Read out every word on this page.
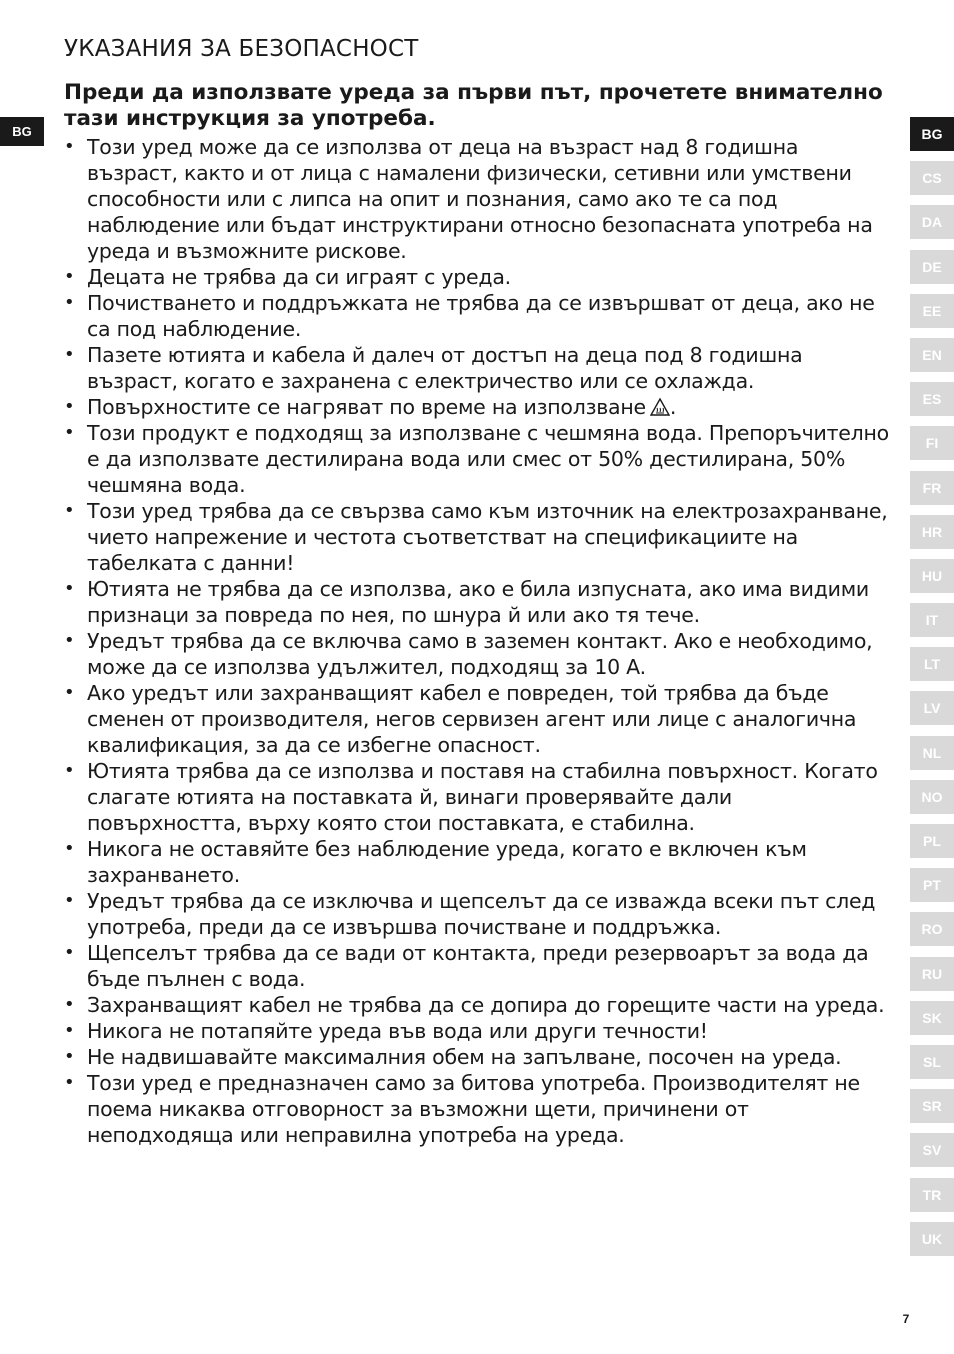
BG
УКАЗАНИЯ ЗА БЕЗОПАСНОСТ

Преди да използвате уреда за първи път, прочетете внимателно тази инструкция за употреба.

• Този уред може да се използва от деца на възраст над 8 годишна възраст, както и от лица с намалени физически, сетивни или умствени способности или с липса на опит и познания, само ако те са под наблюдение или бъдат инструктирани относно безопасната употреба на уреда и възможните рискове.
• Децата не трябва да си играят с уреда.
• Почистването и поддръжката не трябва да се извършват от деца, ако не са под наблюдение.
• Пазете ютията и кабела й далеч от достъп на деца под 8 годишна възраст, когато е захранена с електричество или се охлажда.
• Повърхностите се нагряват по време на използване .
• Този продукт е подходящ за използване с чешмяна вода. Препоръчително е да използвате дестилирана вода или смес от 50% дестилирана, 50% чешмяна вода.
• Този уред трябва да се свързва само към източник на електрозахранване, чието напрежение и честота съответстват на спецификациите на табелката с данни!
• Ютията не трябва да се използва, ако е била изпусната, ако има видими признаци за повреда по нея, по шнура й или ако тя тече.
• Уредът трябва да се включва само в заземен контакт. Ако е необходимо, може да се използва удължител, подходящ за 10 A.
• Ако уредът или захранващият кабел е повреден, той трябва да бъде сменен от производителя, негов сервизен агент или лице с аналогична квалификация, за да се избегне опасност.
• Ютията трябва да се използва и поставя на стабилна повърхност. Когато слагате ютията на поставката й, винаги проверявайте дали повърхността, върху която стои поставката, е стабилна.
• Никога не оставяйте без наблюдение уреда, когато е включен към захранването.
• Уредът трябва да се изключва и щепселът да се изважда всеки път след употреба, преди да се извършва почистване и поддръжка.
• Щепселът трябва да се вади от контакта, преди резервоарът за вода да бъде пълнен с вода.
• Захранващият кабел не трябва да се допира до горещите части на уреда.
• Никога не потапяйте уреда във вода или други течности!
• Не надвишавайте максималния обем на запълване, посочен на уреда.
• Този уред е предназначен само за битова употреба. Производителят не поема никаква отговорност за възможни щети, причинени от неподходяща или неправилна употреба на уреда.
BG
CS
DA
DE
EE
EN
ES
FI
FR
HR
HU
IT
LT
LV
NL
NO
PL
PT
RO
RU
SK
SL
SR
SV
TR
UK
7
